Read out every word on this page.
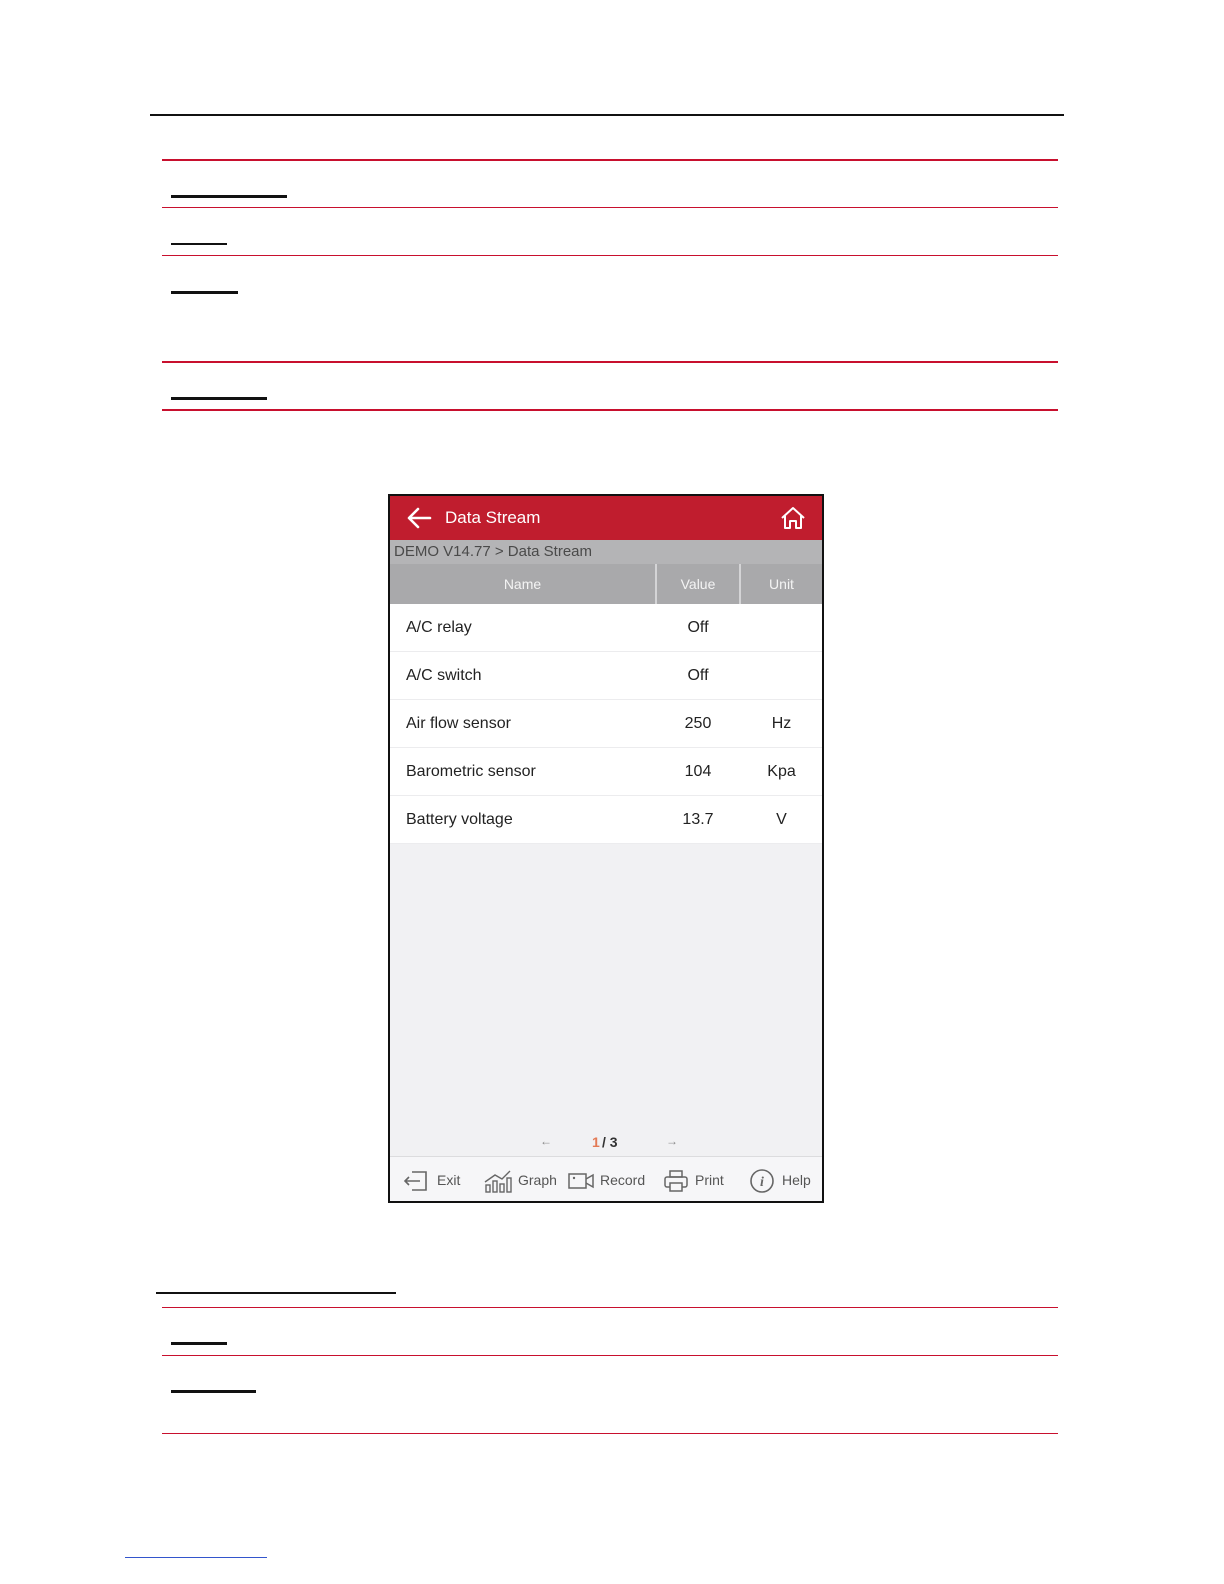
Data Stream
DEMO V14.77 > Data Stream
Name	Value	Unit
A/C relay	Off
A/C switch	Off
Air flow sensor	250	Hz
Barometric sensor	104	Kpa
Battery voltage	13.7	V
←	1 / 3	→
Exit	Graph	Record	Print	i Help
